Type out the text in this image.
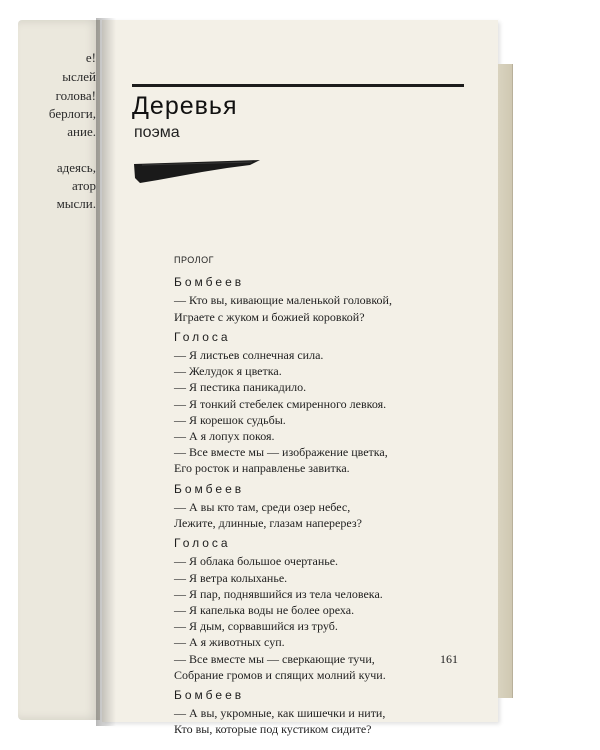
е!
ыслей
голова!
берлоги,
ание.
адеясь,
атор
мысли.
Деревья
поэма
ПРОЛОГ
Бомбеев
— Кто вы, кивающие маленькой головкой,
Играете с жуком и божией коровкой?
Голоса
— Я листьев солнечная сила.
— Желудок я цветка.
— Я пестика паникадило.
— Я тонкий стебелек смиренного левкоя.
— Я корешок судьбы.
— А я лопух покоя.
— Все вместе мы — изображение цветка,
Его росток и направленье завитка.
Бомбеев
— А вы кто там, среди озер небес,
Лежите, длинные, глазам наперерез?
Голоса
— Я облака большое очертанье.
— Я ветра колыханье.
— Я пар, поднявшийся из тела человека.
— Я капелька воды не более ореха.
— Я дым, сорвавшийся из труб.
— А я животных суп.
— Все вместе мы — сверкающие тучи,
Собрание громов и спящих молний кучи.
Бомбеев
— А вы, укромные, как шишечки и нити,
Кто вы, которые под кустиком сидите?
161
